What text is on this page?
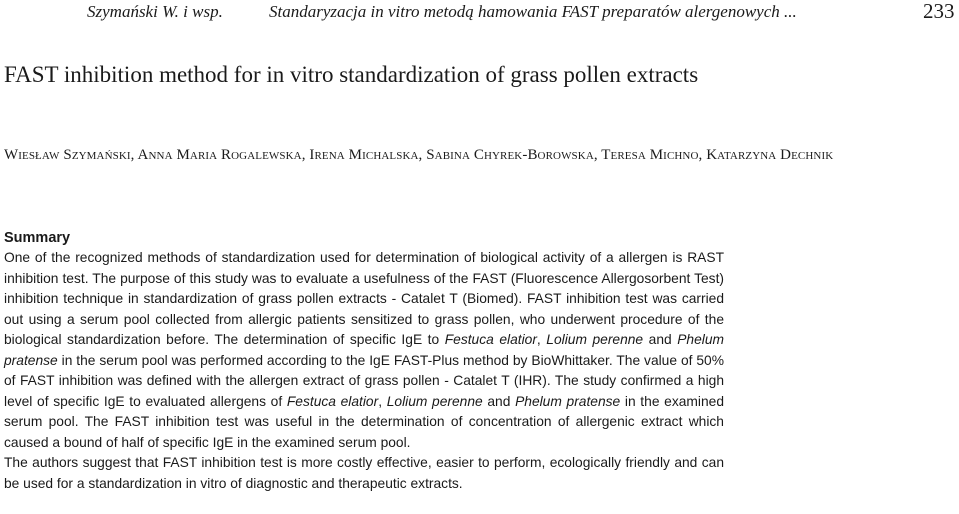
Szymański W. i wsp.	Standaryzacja in vitro metodą hamowania FAST preparatów alergenowych ...	233
FAST inhibition method for in vitro standardization of grass pollen extracts
Wiesław Szymański, Anna Maria Rogalewska, Irena Michalska, Sabina Chyrek-Borowska, Teresa Michno, Katarzyna Dechnik
Summary

One of the recognized methods of standardization used for determination of biological activity of a allergen is RAST inhibition test. The purpose of this study was to evaluate a usefulness of the FAST (Fluorescence Allergosorbent Test) inhibition technique in standardization of grass pollen extracts - Catalet T (Biomed). FAST inhibition test was carried out using a serum pool collected from allergic patients sensitized to grass pollen, who underwent procedure of the biological standardization before. The determination of specific IgE to Festuca elatior, Lolium perenne and Phelum pratense in the serum pool was performed according to the IgE FAST-Plus method by BioWhittaker. The value of 50% of FAST inhibition was defined with the allergen extract of grass pollen - Catalet T (IHR). The study confirmed a high level of specific IgE to evaluated allergens of Festuca elatior, Lolium perenne and Phelum pratense in the examined serum pool. The FAST inhibition test was useful in the determination of concentration of allergenic extract which caused a bound of half of specific IgE in the examined serum pool.

The authors suggest that FAST inhibition test is more costly effective, easier to perform, ecologically friendly and can be used for a standardization in vitro of diagnostic and therapeutic extracts.
